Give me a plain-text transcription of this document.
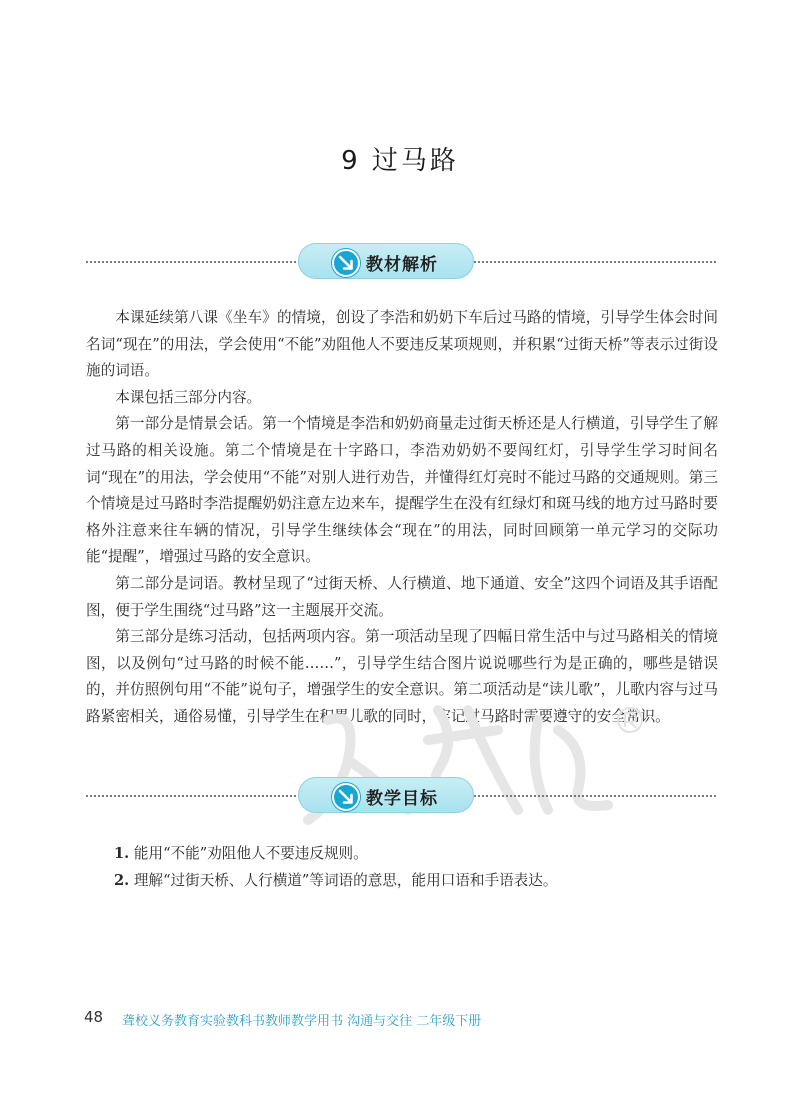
9 过马路
教材解析

本课延续第八课《坐车》的情境，创设了李浩和奶奶下车后过马路的情境，引导学生体会时间名词“现在”的用法，学会使用“不能”劝阻他人不要违反某项规则，并积累“过街天桥”等表示过街设施的词语。

本课包括三部分内容。

第一部分是情景会话。第一个情境是李浩和奶奶商量走过街天桥还是人行横道，引导学生了解过马路的相关设施。第二个情境是在十字路口，李浩劝奶奶不要闯红灯，引导学生学习时间名词“现在”的用法，学会使用“不能”对别人进行劝告，并懂得红灯亮时不能过马路的交通规则。第三个情境是过马路时李浩提醒奶奶注意左边来车，提醒学生在没有红绿灯和斑马线的地方过马路时要格外注意来往车辆的情况，引导学生继续体会“现在”的用法，同时回顾第一单元学习的交际功能“提醒”，增强过马路的安全意识。

第二部分是词语。教材呈现了“过街天桥、人行横道、地下通道、安全”这四个词语及其手语配图，便于学生围绕“过马路”这一主题展开交流。

第三部分是练习活动，包括两项内容。第一项活动呈现了四幅日常生活中与过马路相关的情境图，以及例句“过马路的时候不能……”，引导学生结合图片说说哪些行为是正确的，哪些是错误的，并仿照例句用“不能”说句子，增强学生的安全意识。第二项活动是“读儿歌”，儿歌内容与过马路紧密相关，通俗易懂，引导学生在积累儿歌的同时，牢记过马路时需要遵守的安全常识。

教学目标
1. 能用“不能”劝阻他人不要违反规则。
2. 理解“过街天桥、人行横道”等词语的意思，能用口语和手语表达。
48 聋校义务教育实验教科书教师教学用书 沟通与交往 二年级下册
